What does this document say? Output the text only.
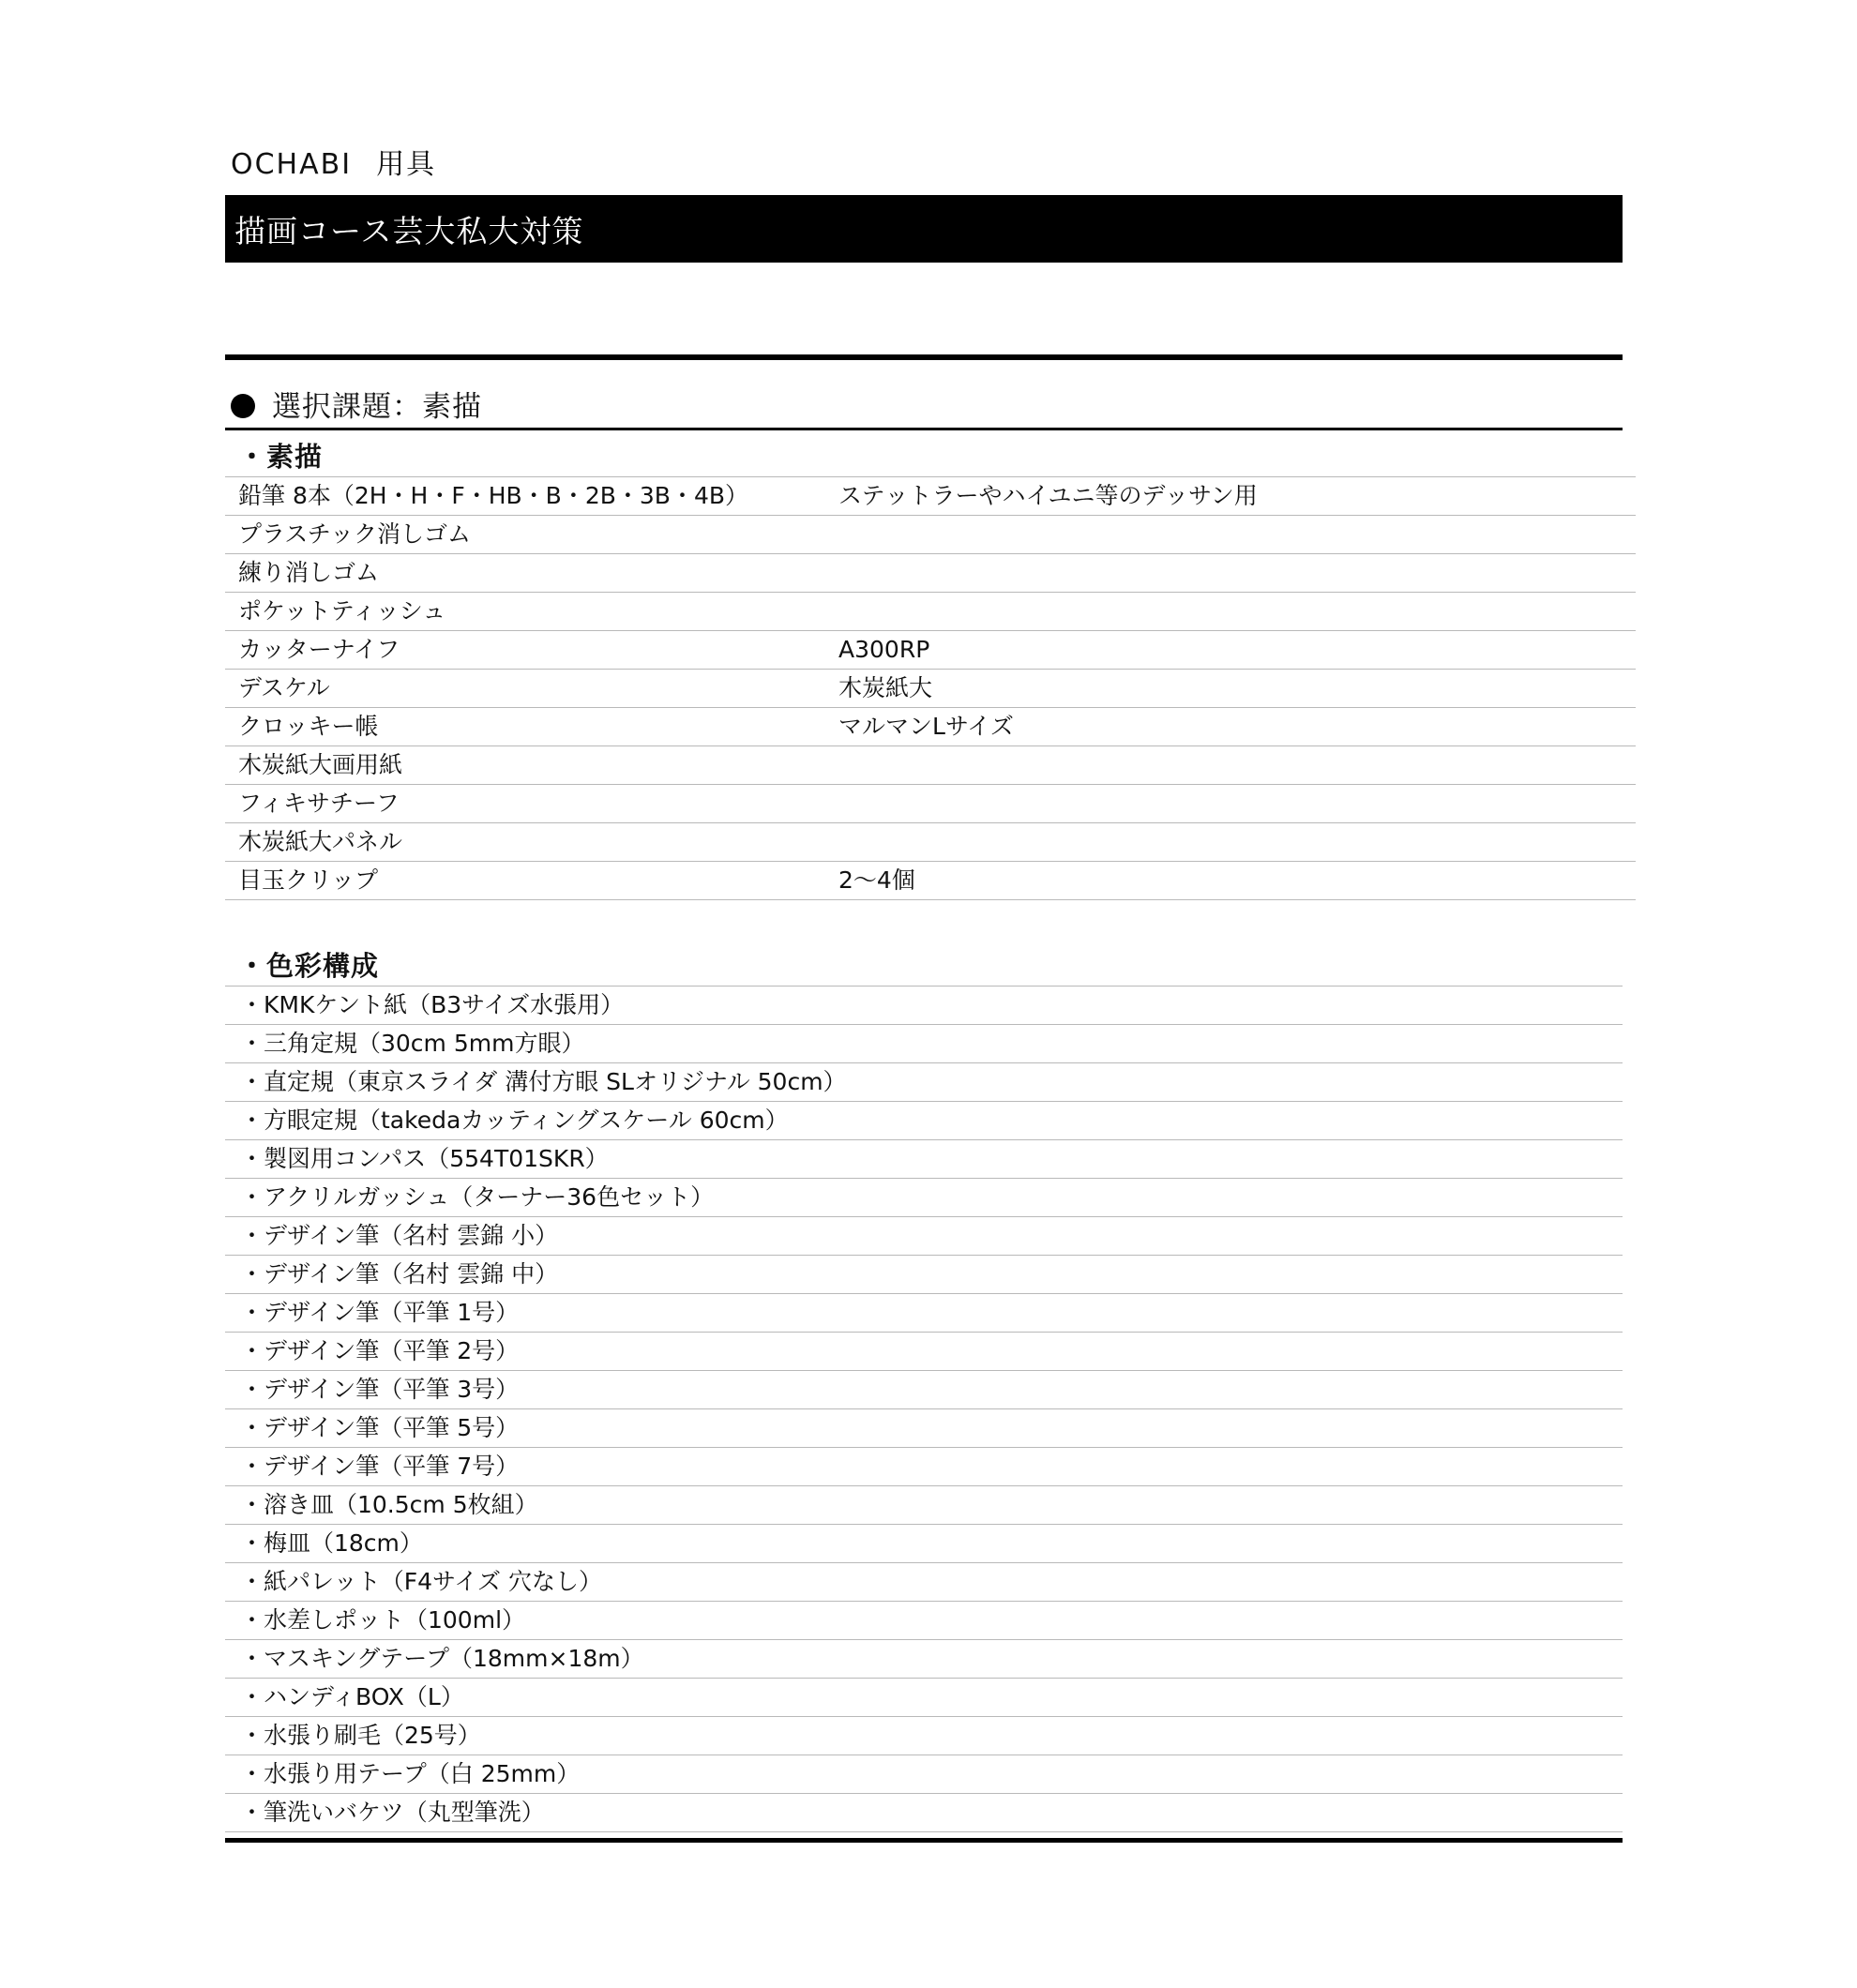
OCHABI 用具
描画コース芸大私大対策
選択課題：素描
・素描
鉛筆 8本（2H・H・F・HB・B・2B・3B・4B）	ステットラーやハイユニ等のデッサン用
プラスチック消しゴム	
練り消しゴム	
ポケットティッシュ	
カッターナイフ	A300RP
デスケル	木炭紙大
クロッキー帳	マルマンLサイズ
木炭紙大画用紙	
フィキサチーフ	
木炭紙大パネル	
目玉クリップ	2〜4個
・色彩構成
・KMKケント紙（B3サイズ水張用）
・三角定規（30cm 5mm方眼）
・直定規（東京スライダ 溝付方眼 SLオリジナル 50cm）
・方眼定規（takedaカッティングスケール 60cm）
・製図用コンパス（554T01SKR）
・アクリルガッシュ（ターナー36色セット）
・デザイン筆（名村 雲錦 小）
・デザイン筆（名村 雲錦 中）
・デザイン筆（平筆 1号）
・デザイン筆（平筆 2号）
・デザイン筆（平筆 3号）
・デザイン筆（平筆 5号）
・デザイン筆（平筆 7号）
・溶き皿（10.5cm 5枚組）
・梅皿（18cm）
・紙パレット（F4サイズ 穴なし）
・水差しポット（100ml）
・マスキングテープ（18mm×18m）
・ハンディBOX（L）
・水張り刷毛（25号）
・水張り用テープ（白 25mm）
・筆洗いバケツ（丸型筆洗）
